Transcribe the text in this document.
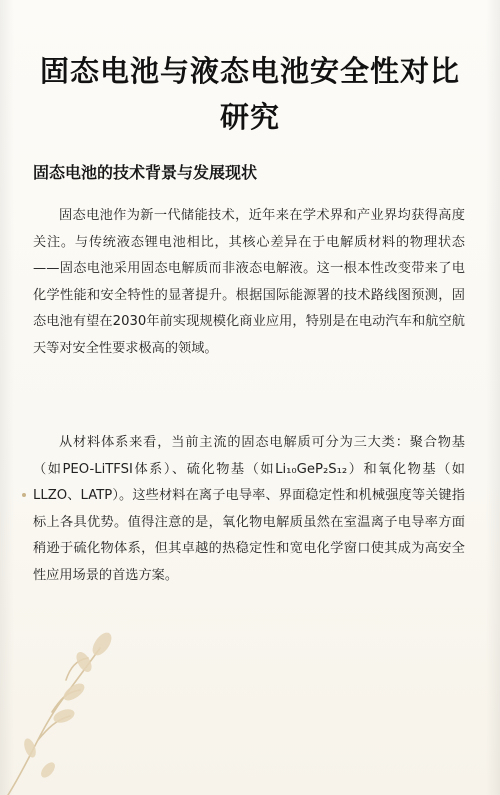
固态电池与液态电池安全性对比研究
固态电池的技术背景与发展现状

固态电池作为新一代储能技术，近年来在学术界和产业界均获得高度关注。与传统液态锂电池相比，其核心差异在于电解质材料的物理状态——固态电池采用固态电解质而非液态电解液。这一根本性改变带来了电化学性能和安全特性的显著提升。根据国际能源署的技术路线图预测，固态电池有望在2030年前实现规模化商业应用，特别是在电动汽车和航空航天等对安全性要求极高的领域。

从材料体系来看，当前主流的固态电解质可分为三大类：聚合物基（如PEO-LiTFSI体系）、硫化物基（如Li₁₀GeP₂S₁₂）和氧化物基（如LLZO、LATP）。这些材料在离子电导率、界面稳定性和机械强度等关键指标上各具优势。值得注意的是，氧化物电解质虽然在室温离子电导率方面稍逊于硫化物体系，但其卓越的热稳定性和宽电化学窗口使其成为高安全性应用场景的首选方案。
